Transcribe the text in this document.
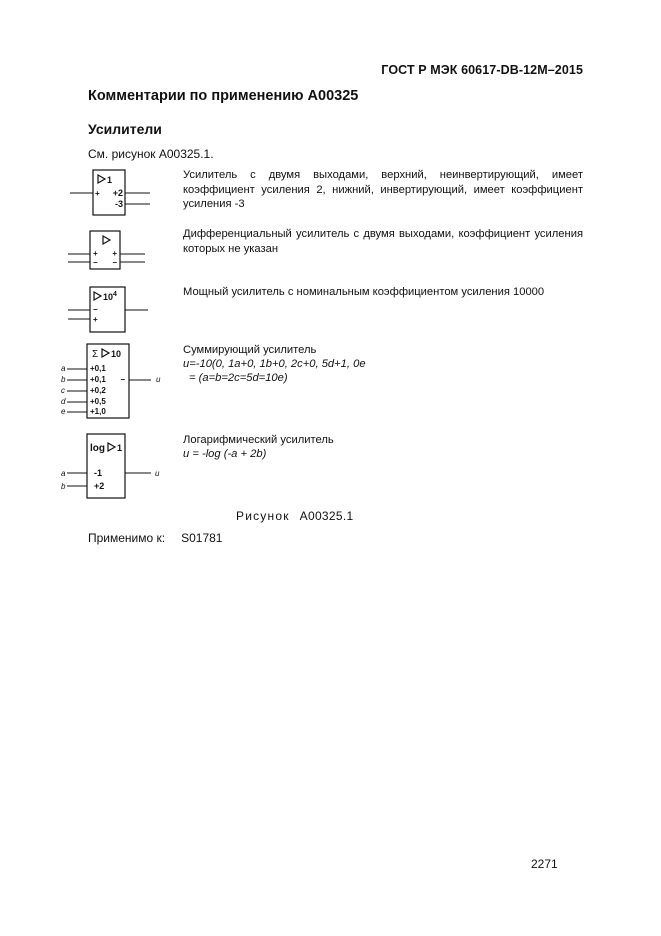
ГОСТ Р МЭК 60617-DB-12M–2015
Комментарии по применению A00325
Усилители
См. рисунок A00325.1.
1
+ +2
-3
Усилитель с двумя выходами, верхний, неинвертирующий, имеет коэффициент усиления 2, нижний, инвертирующий, имеет коэффициент усиления -3
+
−
+
−
Дифференциальный усилитель с двумя выходами, коэффициент усиления которых не указан
$10^4$
−
+
Мощный усилитель с номинальным коэффициентом усиления 10000
Σ 10
a	+0,1
b	+0,1
c	+0,2
d	+0,5
e	+1,0
−	u
Суммирующий усилитель
u=-10(0, 1a+0, 1b+0, 2c+0, 5d+1, 0e
= (a=b=2c=5d=10e)
log 1
a	-1
b	+2
u
Логарифмический усилитель
u = -log (-a + 2b)
Рисунок A00325.1
Применимо к: S01781
2271
